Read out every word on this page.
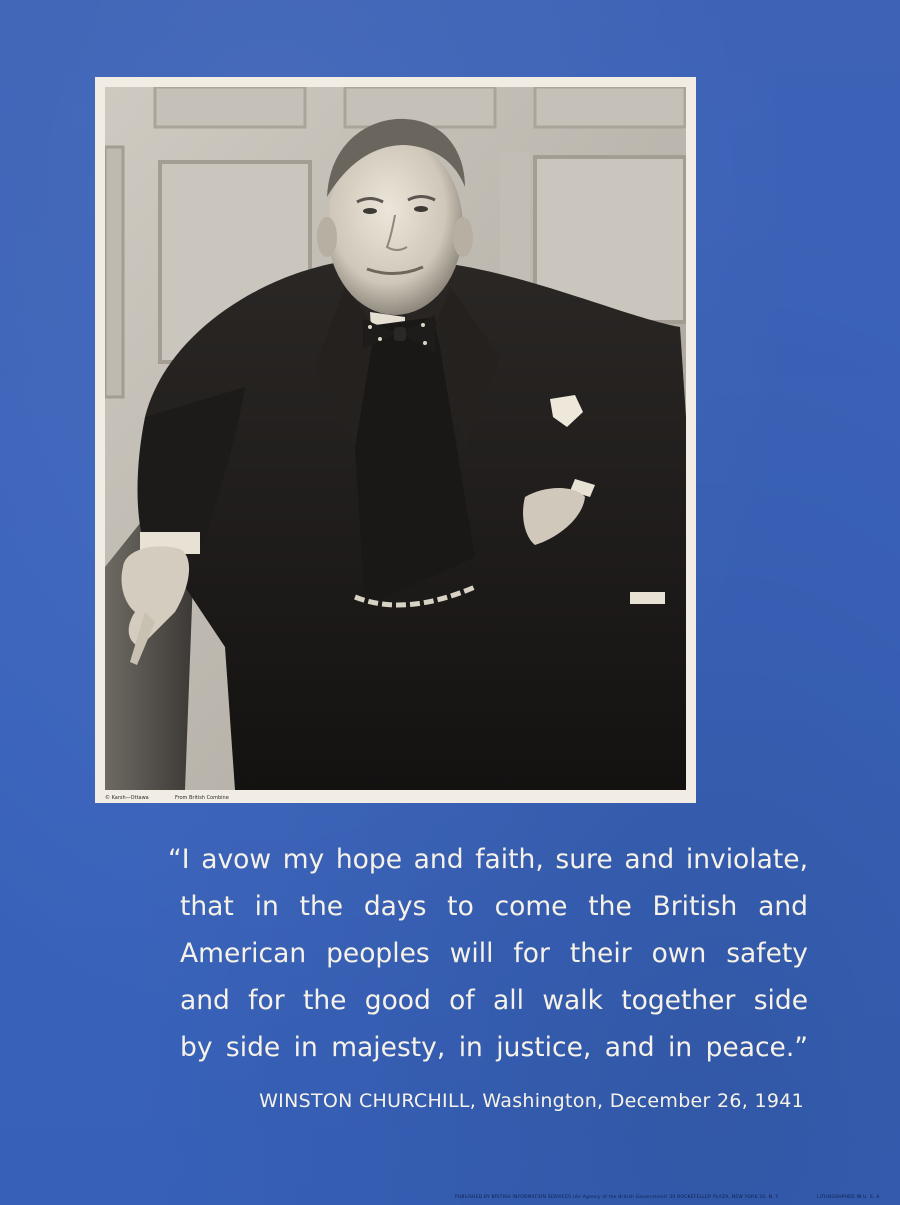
© Karsh—Ottawa	From British Combine

“I avow my hope and faith, sure and inviolate,
that in the days to come the British and
American peoples will for their own safety
and for the good of all walk together side
by side in majesty, in justice, and in peace.”

WINSTON CHURCHILL, Washington, December 26, 1941
PUBLISHED BY BRITISH INFORMATION SERVICES (An Agency of the British Government) 30 ROCKEFELLER PLAZA, NEW YORK 20, N. Y.	LITHOGRAPHED IN U. S. A.
